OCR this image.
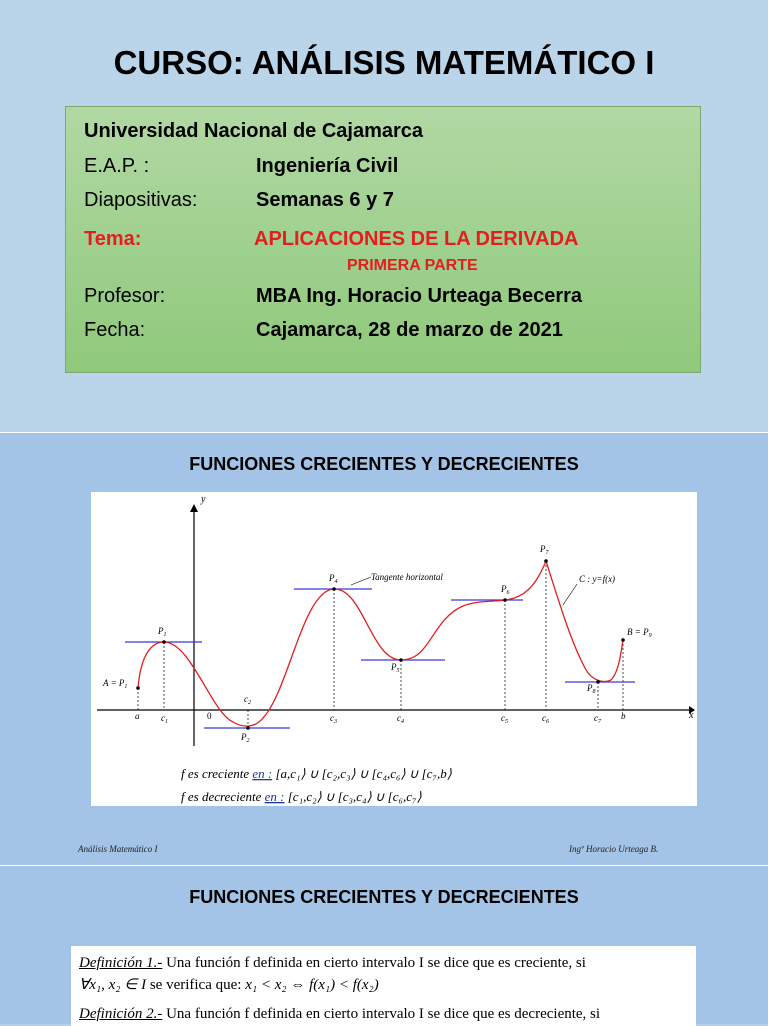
CURSO: ANÁLISIS MATEMÁTICO I
Universidad Nacional de Cajamarca
E.A.P. :	Ingeniería Civil
Diapositivas:	Semanas 6 y 7
Tema:	APLICACIONES DE LA DERIVADA
PRIMERA PARTE
Profesor:	MBA Ing. Horacio Urteaga Becerra
Fecha:	Cajamarca, 28 de marzo de 2021
FUNCIONES CRECIENTES Y DECRECIENTES
y
x
$A = P_1$
$P_1$
$P_2$
$P_4$
$P_5$
$P_6$
$P_7$
$P_8$
$B = P_9$
C : y=f(x)
Tangente horizontal
a $c_1$
0
$c_2$
$c_3$	$c_4$	$c_5$	$c_6$	$c_7$
b
f es creciente en : [a,c₁⟩ ∪ [c₂,c₃⟩ ∪ [c₄,c₆⟩ ∪ [c₇,b⟩
f es decreciente en : [c₁,c₂⟩ ∪ [c₃,c₄⟩ ∪ [c₆,c₇⟩
Análisis Matemático I	Ingº Horacio Urteaga B.
FUNCIONES CRECIENTES Y DECRECIENTES
Definición 1.- Una función f definida en cierto intervalo I se dice que es creciente, si
∀x₁, x₂ ∈ I se verifica que: x₁ < x₂ ⇔ f(x₁) < f(x₂)
Definición 2.- Una función f definida en cierto intervalo I se dice que es decreciente, si
